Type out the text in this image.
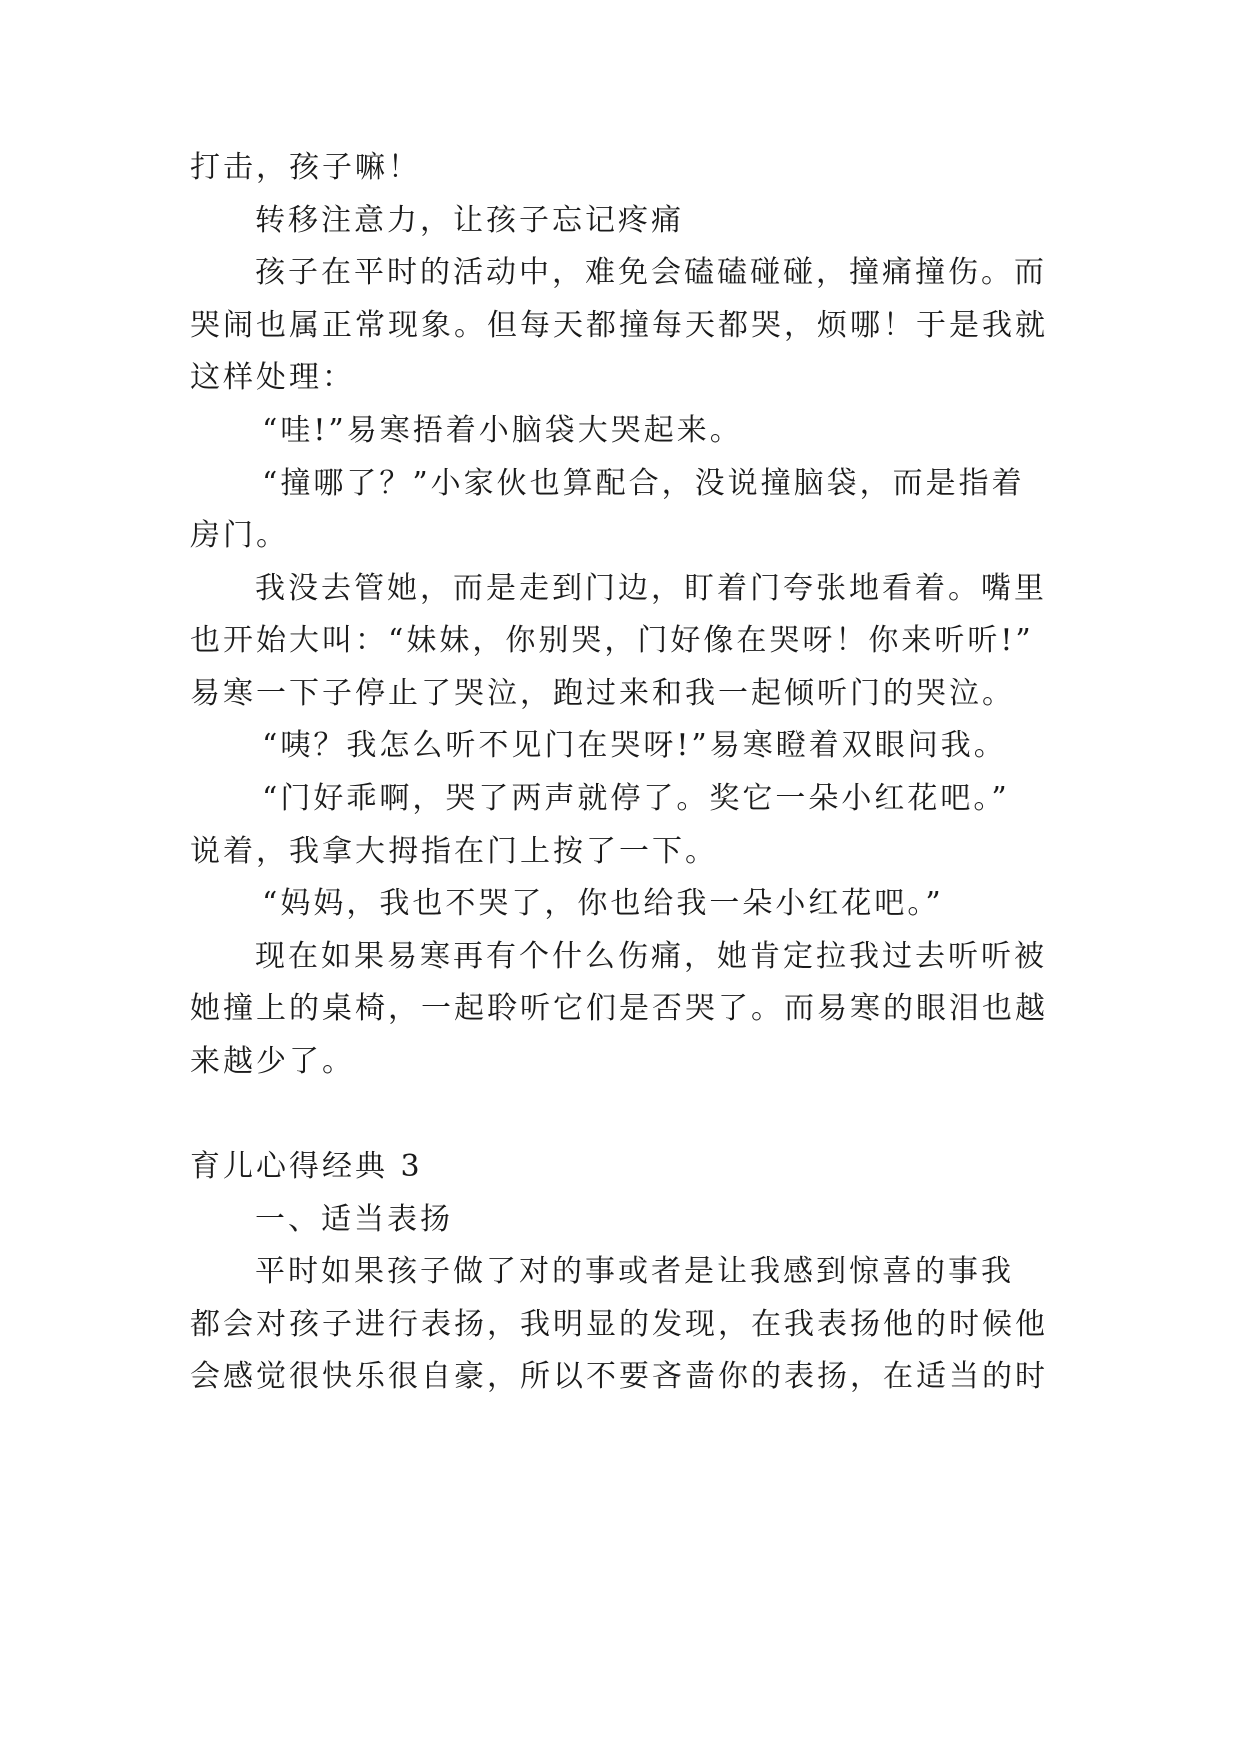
打击，孩子嘛！
转移注意力，让孩子忘记疼痛
孩子在平时的活动中，难免会磕磕碰碰，撞痛撞伤。而
哭闹也属正常现象。但每天都撞每天都哭，烦哪！于是我就
这样处理：
“哇!”易寒捂着小脑袋大哭起来。
“撞哪了？”小家伙也算配合，没说撞脑袋，而是指着
房门。
我没去管她，而是走到门边，盯着门夸张地看着。嘴里
也开始大叫：“妹妹，你别哭，门好像在哭呀！你来听听!”
易寒一下子停止了哭泣，跑过来和我一起倾听门的哭泣。
“咦？我怎么听不见门在哭呀!”易寒瞪着双眼问我。
“门好乖啊，哭了两声就停了。奖它一朵小红花吧。”
说着，我拿大拇指在门上按了一下。
“妈妈，我也不哭了，你也给我一朵小红花吧。”
现在如果易寒再有个什么伤痛，她肯定拉我过去听听被
她撞上的桌椅，一起聆听它们是否哭了。而易寒的眼泪也越
来越少了。
育儿心得经典 3
一、适当表扬
平时如果孩子做了对的事或者是让我感到惊喜的事我
都会对孩子进行表扬，我明显的发现，在我表扬他的时候他
会感觉很快乐很自豪，所以不要吝啬你的表扬，在适当的时
